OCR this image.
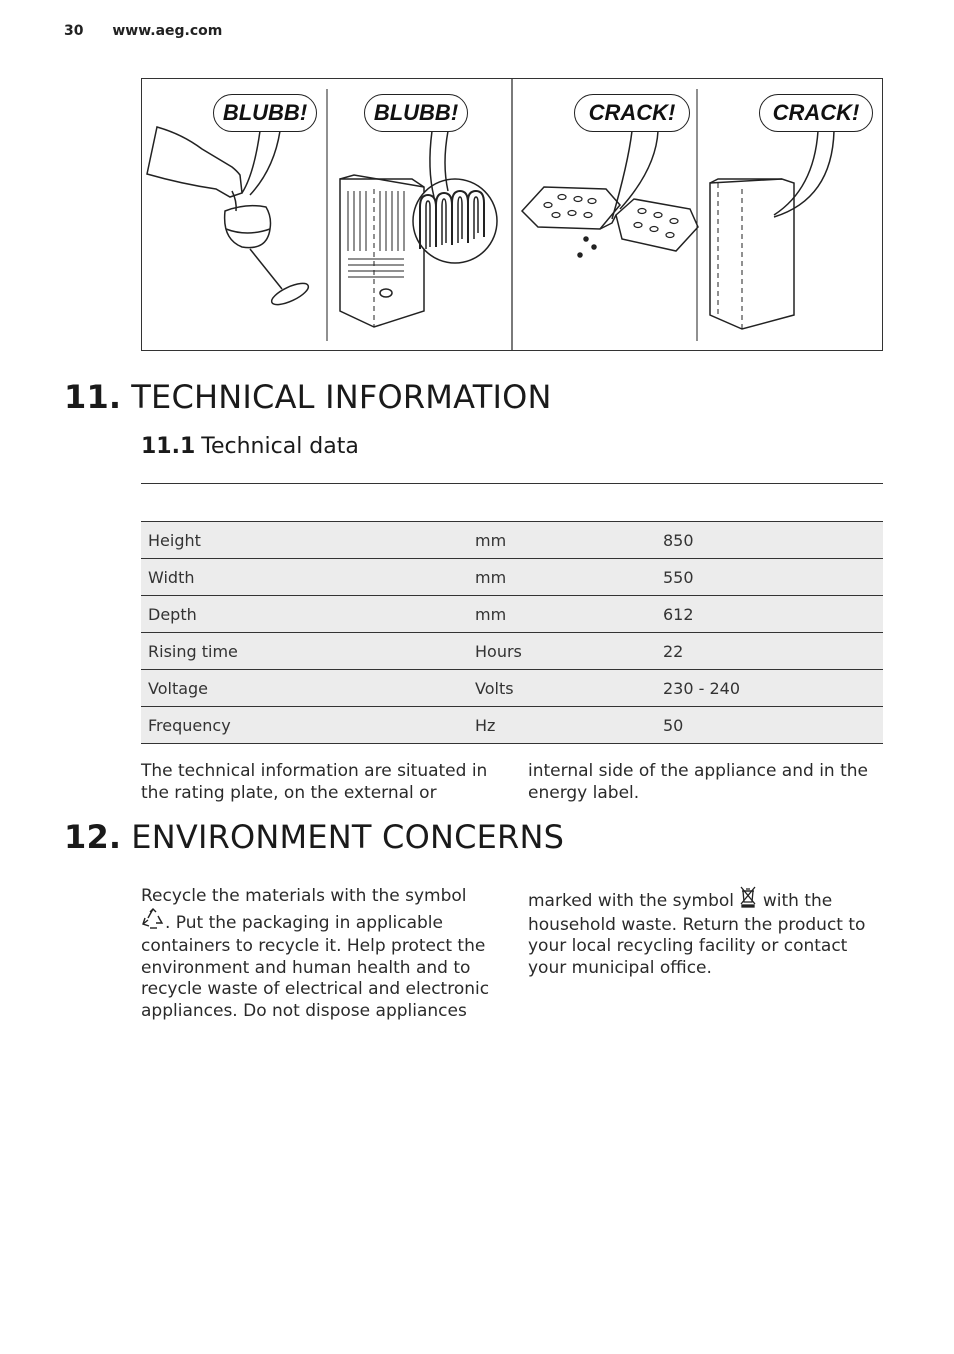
30 www.aeg.com
BLUBB!	BLUBB!	CRACK!	CRACK!
11. TECHNICAL INFORMATION
11.1 Technical data

Height	mm	850
Width	mm	550
Depth	mm	612
Rising time	Hours	22
Voltage	Volts	230 - 240
Frequency	Hz	50
The technical information are situated in the rating plate, on the external or
internal side of the appliance and in the energy label.
12. ENVIRONMENT CONCERNS
Recycle the materials with the symbol . Put the packaging in applicable containers to recycle it. Help protect the environment and human health and to recycle waste of electrical and electronic appliances. Do not dispose appliances
marked with the symbol with the household waste. Return the product to your local recycling facility or contact your municipal office.
